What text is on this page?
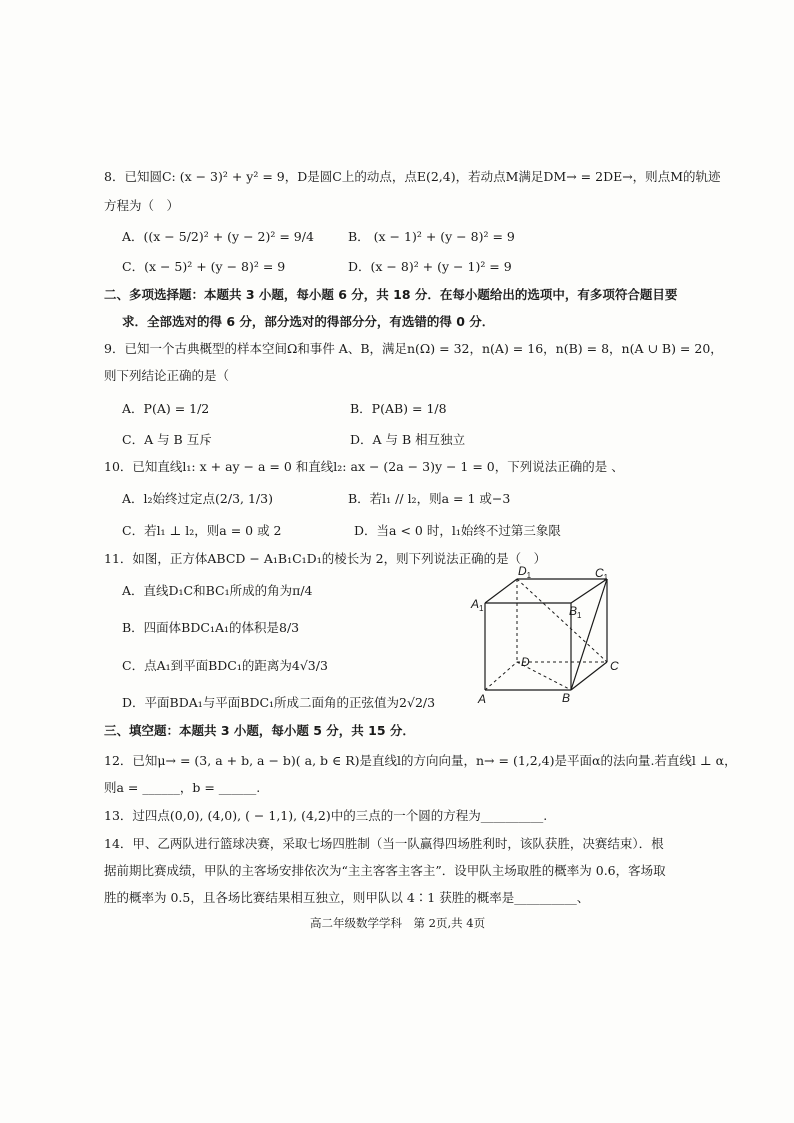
8．已知圆C: (x − 3)² + y² = 9，D是圆C上的动点，点E(2,4)，若动点M满足DM→ = 2DE→，则点M的轨迹
方程为（　）
A．((x − 5/2)² + (y − 2)² = 9/4	B． (x − 1)² + (y − 8)² = 9
C．(x − 5)² + (y − 8)² = 9	D．(x − 8)² + (y − 1)² = 9
二、多项选择题：本题共 3 小题，每小题 6 分，共 18 分．在每小题给出的选项中，有多项符合题目要
求．全部选对的得 6 分，部分选对的得部分分，有选错的得 0 分．
9．已知一个古典概型的样本空间Ω和事件 A、B，满足n(Ω) = 32，n(A) = 16，n(B) = 8，n(A ∪ B) = 20，
则下列结论正确的是（
A．P(A) = 1/2	B．P(AB) = 1/8
C．A 与 B 互斥	D．A 与 B 相互独立
10．已知直线l₁: x + ay − a = 0 和直线l₂: ax − (2a − 3)y − 1 = 0，下列说法正确的是 、
A．l₂始终过定点(2/3, 1/3)	B．若l₁ // l₂，则a = 1 或−3
C．若l₁ ⊥ l₂，则a = 0 或 2	D．当a < 0 时，l₁始终不过第三象限
11．如图，正方体ABCD − A₁B₁C₁D₁的棱长为 2，则下列说法正确的是（　）
A．直线D₁C和BC₁所成的角为π/4
B．四面体BDC₁A₁的体积是8/3
C．点A₁到平面BDC₁的距离为4√3/3
D．平面BDA₁与平面BDC₁所成二面角的正弦值为2√2/3
$D_1$	$C_1$
$A_1$	$B_1$
D	C
A	B
三、填空题：本题共 3 小题，每小题 5 分，共 15 分．
12．已知μ→ = (3, a + b, a − b)( a, b ∈ R)是直线l的方向向量，n→ = (1,2,4)是平面α的法向量.若直线l ⊥ α，
则a = ______，b = ______.
13．过四点(0,0), (4,0), ( − 1,1), (4,2)中的三点的一个圆的方程为__________.
14．甲、乙两队进行篮球决赛，采取七场四胜制（当一队赢得四场胜利时，该队获胜，决赛结束）．根
据前期比赛成绩，甲队的主客场安排依次为“主主客客主客主”．设甲队主场取胜的概率为 0.6，客场取
胜的概率为 0.5，且各场比赛结果相互独立，则甲队以 4∶1 获胜的概率是__________、
高二年级数学学科　第 2页,共 4页
